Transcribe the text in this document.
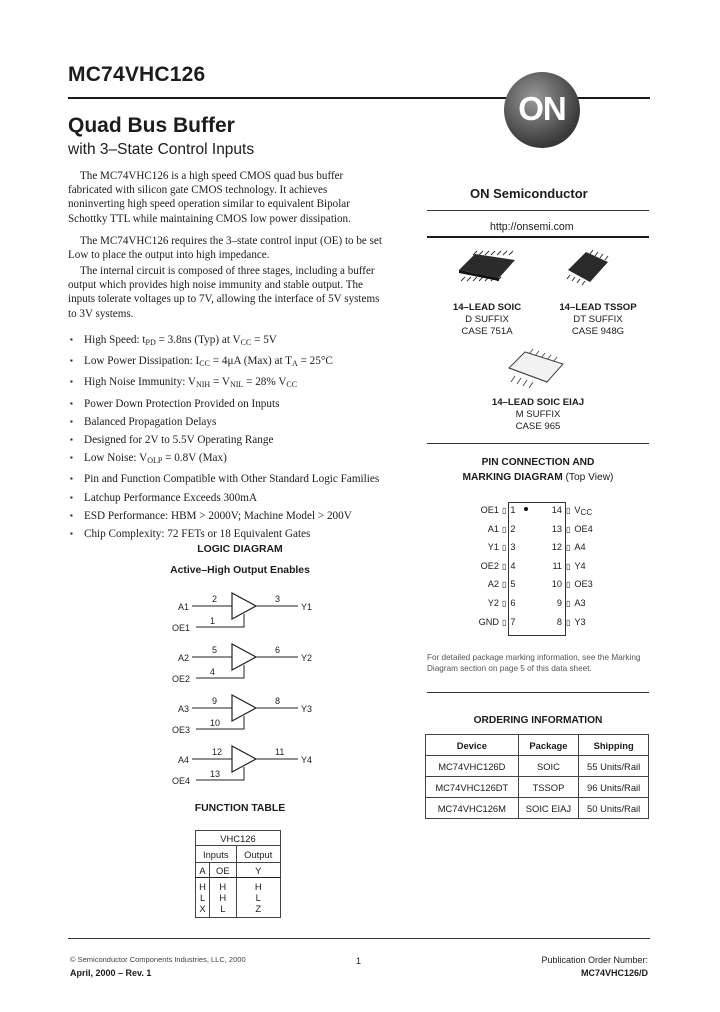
MC74VHC126
Quad Bus Buffer
with 3–State Control Inputs
The MC74VHC126 is a high speed CMOS quad bus buffer
fabricated with silicon gate CMOS technology. It achieves
noninverting high speed operation similar to equivalent Bipolar
Schottky TTL while maintaining CMOS low power dissipation.
The MC74VHC126 requires the 3–state control input (OE) to be set
Low to place the output into high impedance.
The internal circuit is composed of three stages, including a buffer
output which provides high noise immunity and stable output. The
inputs tolerate voltages up to 7V, allowing the interface of 5V systems
to 3V systems.
▪ High Speed: $t_{PD} = 3.8ns$ (Typ) at $V_{CC} = 5V$
▪ Low Power Dissipation: $I_{CC} = 4\mu A$ (Max) at $T_A = 25^\circ C$
▪ High Noise Immunity: $V_{NIH} = V_{NIL} = 28\%$ $V_{CC}$
▪ Power Down Protection Provided on Inputs
▪ Balanced Propagation Delays
▪ Designed for 2V to 5.5V Operating Range
▪ Low Noise: $V_{OLP} = 0.8V$ (Max)
▪ Pin and Function Compatible with Other Standard Logic Families
▪ Latchup Performance Exceeds 300mA
▪ ESD Performance: HBM > 2000V; Machine Model > 200V
▪ Chip Complexity: 72 FETs or 18 Equivalent Gates
LOGIC DIAGRAM
Active–High Output Enables
A1
2	3
Y1
OE1
1
A2
5	6
Y2
OE2
4
A3
9	8
Y3
OE3
10
A4
12	11
Y4
OE4
13
FUNCTION TABLE
VHC126		
Inputs		Output
A	OE	Y
H	H	H
L	H	L
X	L	Z
ON
ON Semiconductor
http://onsemi.com
14–LEAD SOIC
D SUFFIX
CASE 751A
14–LEAD TSSOP
DT SUFFIX
CASE 948G
14–LEAD SOIC EIAJ
M SUFFIX
CASE 965
PIN CONNECTION AND
MARKING DIAGRAM (Top View)
OE1 ▯ 1
A1 ▯ 2
Y1 ▯ 3
OE2 ▯ 4
A2 ▯ 5
Y2 ▯ 6
GND ▯ 7
14 ▯ $V_{CC}$
13 ▯ OE4
12 ▯ A4
11 ▯ Y4
10 ▯ OE3
9 ▯ A3
8 ▯ Y3
For detailed package marking information, see the Marking
Diagram section on page 5 of this data sheet.
ORDERING INFORMATION
Device	Package	Shipping
MC74VHC126D	SOIC	55 Units/Rail
MC74VHC126DT	TSSOP	96 Units/Rail
MC74VHC126M	SOIC EIAJ	50 Units/Rail
© Semiconductor Components Industries, LLC, 2000
April, 2000 – Rev. 1
1	Publication Order Number:
MC74VHC126/D
